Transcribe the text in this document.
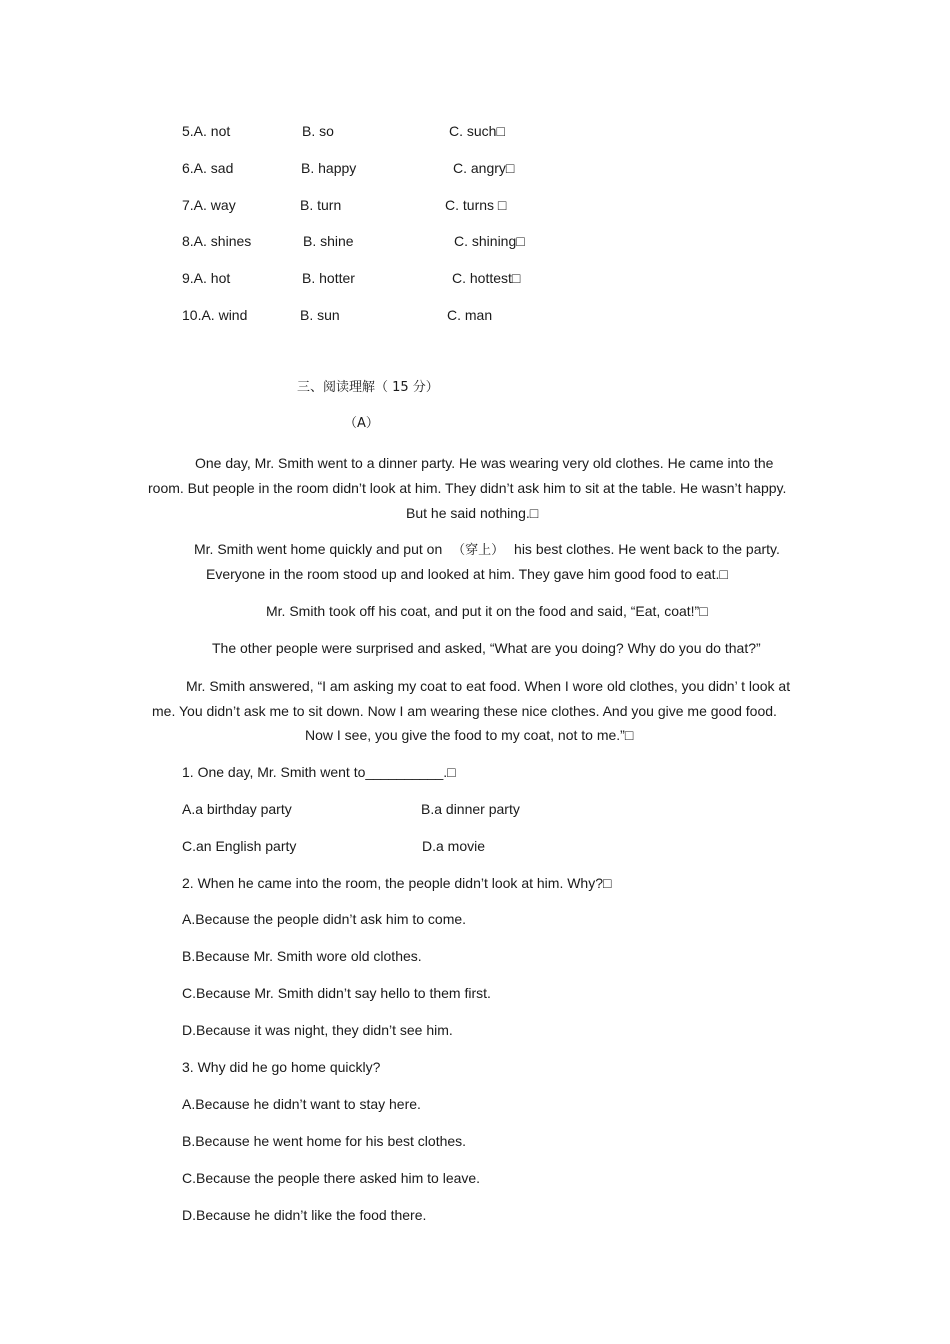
5.A. not	B. so	C. such□
6.A. sad	B. happy	C. angry□
7.A. way	B. turn	C. turns □
8.A. shines	B. shine	C. shining□
9.A. hot	B. hotter	C. hottest□
10.A. wind	B. sun	C. man
三、阅读理解（ 15 分）
（A）
One day, Mr. Smith went to a dinner party. He was wearing very old clothes. He came into the
room. But people in the room didn’t look at him. They didn’t ask him to sit at the table. He wasn’t happy.
But he said nothing.□
Mr. Smith went home quickly and put on （穿上） his best clothes. He went back to the party.
Everyone in the room stood up and looked at him. They gave him good food to eat.□
Mr. Smith took off his coat, and put it on the food and said, “Eat, coat!”□
The other people were surprised and asked, “What are you doing? Why do you do that?”
Mr. Smith answered, “I am asking my coat to eat food. When I wore old clothes, you didn’ t look at
me. You didn’t ask me to sit down. Now I am wearing these nice clothes. And you give me good food.
Now I see, you give the food to my coat, not to me.”□
1. One day, Mr. Smith went to__________.□
A.a birthday party	B.a dinner party
C.an English party	D.a movie
2. When he came into the room, the people didn’t look at him. Why?□
A.Because the people didn’t ask him to come.
B.Because Mr. Smith wore old clothes.
C.Because Mr. Smith didn’t say hello to them first.
D.Because it was night, they didn’t see him.
3. Why did he go home quickly?
A.Because he didn’t want to stay here.
B.Because he went home for his best clothes.
C.Because the people there asked him to leave.
D.Because he didn’t like the food there.
